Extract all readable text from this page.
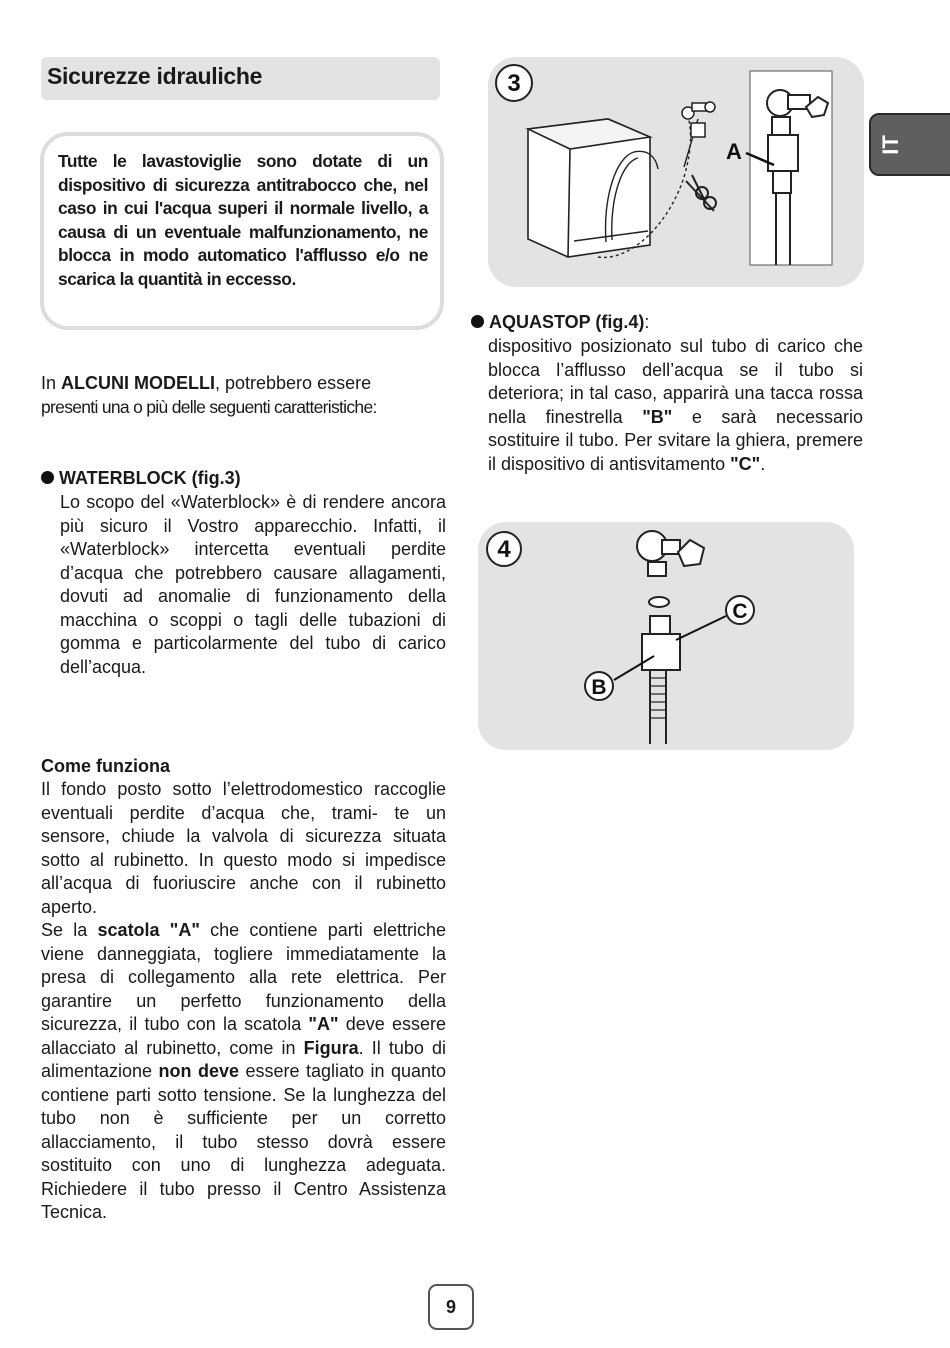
Sicurezze idrauliche
Tutte le lavastoviglie sono dotate di un dispositivo di sicurezza antitrabocco che, nel caso in cui l'acqua superi il normale livello, a causa di un eventuale malfunzionamento, ne blocca in modo automatico l'afflusso e/o ne scarica la quantità in eccesso.
In ALCUNI MODELLI, potrebbero essere
presenti una o più delle seguenti caratteristiche:
WATERBLOCK (fig.3)
Lo scopo del «Waterblock» è di rendere ancora più sicuro il Vostro apparecchio. Infatti, il «Waterblock» intercetta eventuali perdite d’acqua che potrebbero causare allagamenti, dovuti ad anomalie di funzionamento della macchina o scoppi o tagli delle tubazioni di gomma e particolarmente del tubo di carico dell’acqua.
Come funziona
Il fondo posto sotto l’elettrodomestico raccoglie eventuali perdite d’acqua che, trami- te un sensore, chiude la valvola di sicurezza situata sotto al rubinetto. In questo modo si impedisce all’acqua di fuoriuscire anche con il rubinetto aperto.
Se la scatola "A" che contiene parti elettriche viene danneggiata, togliere immediatamente la presa di collegamento alla rete elettrica. Per garantire un perfetto funzionamento della sicurezza, il tubo con la scatola "A" deve essere allacciato al rubinetto, come in Figura. Il tubo di alimentazione non deve essere tagliato in quanto contiene parti sotto tensione. Se la lunghezza del tubo non è sufficiente per un corretto allacciamento, il tubo stesso dovrà essere sostituito con uno di lunghezza adeguata. Richiedere il tubo presso il Centro Assistenza Tecnica.
AQUASTOP (fig.4):
dispositivo posizionato sul tubo di carico che blocca l’afflusso dell’acqua se il tubo si deteriora; in tal caso, apparirà una tacca rossa nella finestrella "B" e sarà necessario sostituire il tubo. Per svitare la ghiera, premere il dispositivo di antisvitamento "C".
3
A
4
C
B
IT
9
